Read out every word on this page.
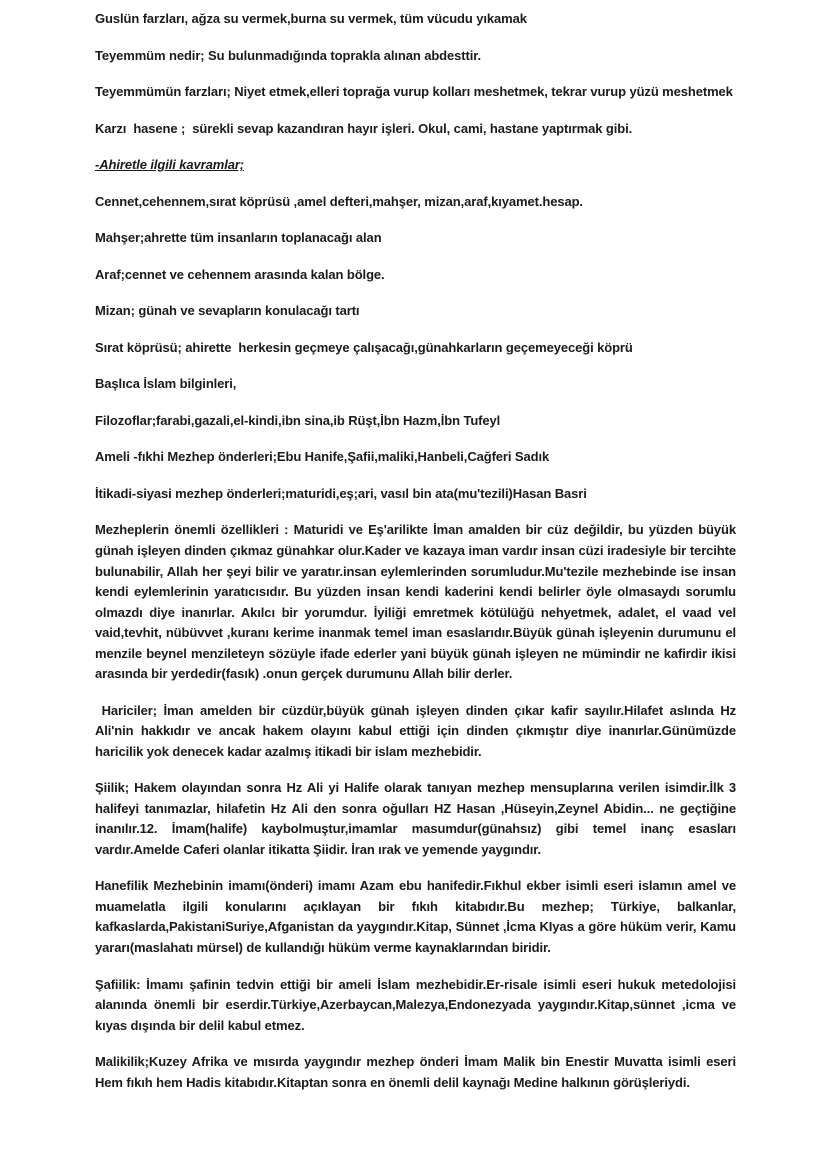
Guslün farzları, ağza su vermek,burna su vermek, tüm vücudu yıkamak

Teyemmüm nedir; Su bulunmadığında toprakla alınan abdesttir.

Teyemmümün farzları; Niyet etmek,elleri toprağa vurup kolları meshetmek, tekrar vurup yüzü meshetmek

Karzı  hasene ;  sürekli sevap kazandıran hayır işleri. Okul, cami, hastane yaptırmak gibi.

-Ahiretle ilgili kavramlar;

Cennet,cehennem,sırat köprüsü ,amel defteri,mahşer, mizan,araf,kıyamet.hesap.

Mahşer;ahrette tüm insanların toplanacağı alan

Araf;cennet ve cehennem arasında kalan bölge.

Mizan; günah ve sevapların konulacağı tartı

Sırat köprüsü; ahirette  herkesin geçmeye çalışacağı,günahkarların geçemeyeceği köprü

Başlıca İslam bilginleri,

Filozoflar;farabi,gazali,el-kindi,ibn sina,ib Rüşt,İbn Hazm,İbn Tufeyl

Ameli -fıkhi Mezhep önderleri;Ebu Hanife,Şafii,maliki,Hanbeli,Cağferi Sadık

İtikadi-siyasi mezhep önderleri;maturidi,eş;ari, vasıl bin ata(mu'tezili)Hasan Basri

Mezheplerin önemli özellikleri : Maturidi ve Eş'arilikte İman amalden bir cüz değildir, bu yüzden büyük günah işleyen dinden çıkmaz günahkar olur.Kader ve kazaya iman vardır insan cüzi iradesiyle bir tercihte bulunabilir, Allah her şeyi bilir ve yaratır.insan eylemlerinden sorumludur.Mu'tezile mezhebinde ise insan kendi eylemlerinin yaratıcısıdır. Bu yüzden insan kendi kaderini kendi belirler öyle olmasaydı sorumlu olmazdı diye inanırlar. Akılcı bir yorumdur. İyiliği emretmek kötülüğü nehyetmek, adalet, el vaad vel vaid,tevhit, nübüvvet ,kuranı kerime inanmak temel iman esaslarıdır.Büyük günah işleyenin durumunu el menzile beynel menzileteyn sözüyle ifade ederler yani büyük günah işleyen ne mümindir ne kafirdir ikisi arasında bir yerdedir(fasık) .onun gerçek durumunu Allah bilir derler.

Hariciler; İman amelden bir cüzdür,büyük günah işleyen dinden çıkar kafir sayılır.Hilafet aslında Hz Ali'nin hakkıdır ve ancak hakem olayını kabul ettiği için dinden çıkmıştır diye inanırlar.Günümüzde haricilik yok denecek kadar azalmış itikadi bir islam mezhebidir.

Şiilik; Hakem olayından sonra Hz Ali yi Halife olarak tanıyan mezhep mensuplarına verilen isimdir.İlk 3 halifeyi tanımazlar, hilafetin Hz Ali den sonra oğulları HZ Hasan ,Hüseyin,Zeynel Abidin... ne geçtiğine inanılır.12. İmam(halife) kaybolmuştur,imamlar masumdur(günahsız) gibi temel inanç esasları vardır.Amelde Caferi olanlar itikatta Şiidir. İran ırak ve yemende yaygındır.

Hanefilik Mezhebinin imamı(önderi) imamı Azam ebu hanifedir.Fıkhul ekber isimli eseri islamın amel ve muamelatla ilgili konularını açıklayan bir fıkıh kitabıdır.Bu mezhep; Türkiye, balkanlar, kafkaslarda,PakistaniSuriye,Afganistan da yaygındır.Kitap, Sünnet ,İcma KIyas a göre hüküm verir, Kamu yararı(maslahatı mürsel) de kullandığı hüküm verme kaynaklarından biridir.

Şafiilik: İmamı şafinin tedvin ettiği bir ameli İslam mezhebidir.Er-risale isimli eseri hukuk metedolojisi alanında önemli bir eserdir.Türkiye,Azerbaycan,Malezya,Endonezyada yaygındır.Kitap,sünnet ,icma ve kıyas dışında bir delil kabul etmez.

Malikilik;Kuzey Afrika ve mısırda yaygındır mezhep önderi İmam Malik bin Enestir Muvatta isimli eseri Hem fıkıh hem Hadis kitabıdır.Kitaptan sonra en önemli delil kaynağı Medine halkının görüşleriydi.
